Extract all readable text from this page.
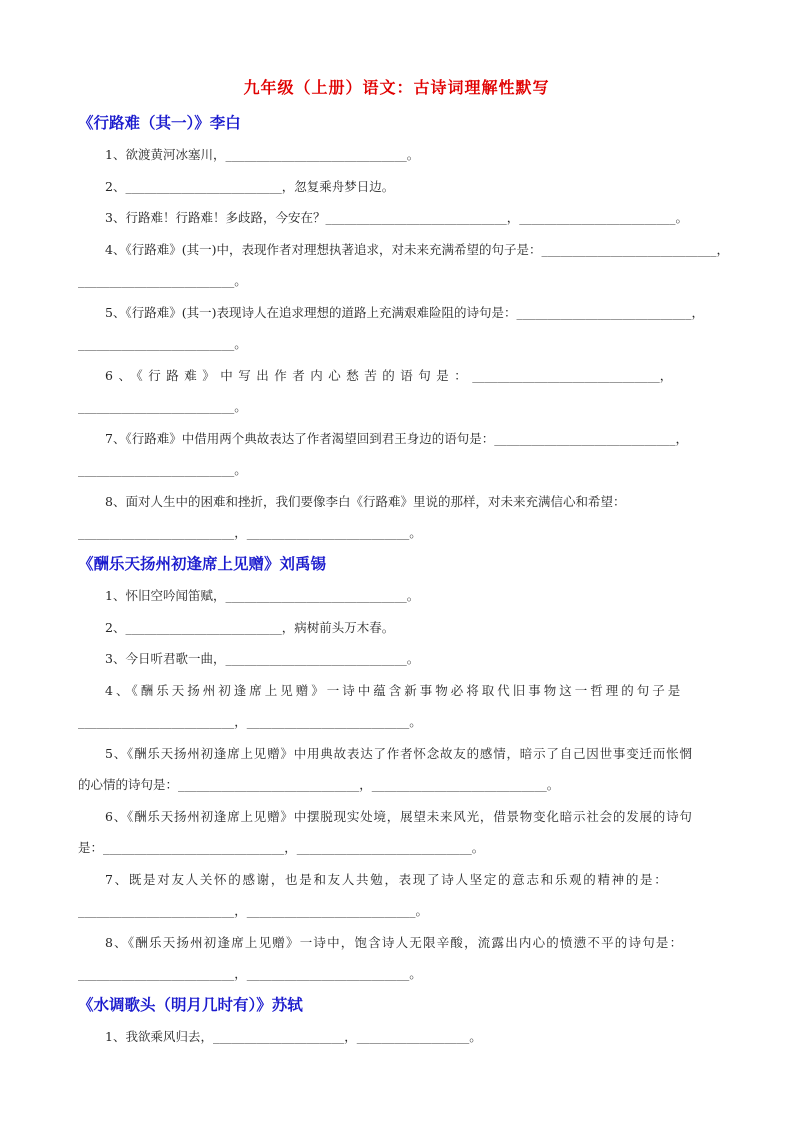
九年级（上册）语文：古诗词理解性默写
《行路难（其一）》李白

1、欲渡黄河冰塞川，_____________________________。

2、_________________________，忽复乘舟梦日边。

3、行路难！行路难！多歧路，今安在？_____________________________，_________________________。

4、《行路难》(其一)中，表现作者对理想执著追求，对未来充满希望的句子是：____________________________，

_________________________。

5、《行路难》(其一)表现诗人在追求理想的道路上充满艰难险阻的诗句是：____________________________，

_________________________。

6、《行路难》中写出作者内心愁苦的语句是：______________________________，

_________________________。

7、《行路难》中借用两个典故表达了作者渴望回到君王身边的语句是：_____________________________，

_________________________。

8、面对人生中的困难和挫折，我们要像李白《行路难》里说的那样，对未来充满信心和希望：

_________________________，__________________________。

《酬乐天扬州初逢席上见赠》刘禹锡

1、怀旧空吟闻笛赋，_____________________________。

2、_________________________，病树前头万木春。

3、今日听君歌一曲，_____________________________。

4、《酬乐天扬州初逢席上见赠》一诗中蕴含新事物必将取代旧事物这一哲理的句子是

_________________________，__________________________。

5、《酬乐天扬州初逢席上见赠》中用典故表达了作者怀念故友的感情，暗示了自己因世事变迁而怅惘

的心情的诗句是：_____________________________，____________________________。

6、《酬乐天扬州初逢席上见赠》中摆脱现实处境，展望未来风光，借景物变化暗示社会的发展的诗句

是：_____________________________，____________________________。

7、既是对友人关怀的感谢，也是和友人共勉，表现了诗人坚定的意志和乐观的精神的是：

_________________________，___________________________。

8、《酬乐天扬州初逢席上见赠》一诗中，饱含诗人无限辛酸，流露出内心的愤懑不平的诗句是：

_________________________，__________________________。

《水调歌头（明月几时有）》苏轼

1、我欲乘风归去，_____________________，__________________。
